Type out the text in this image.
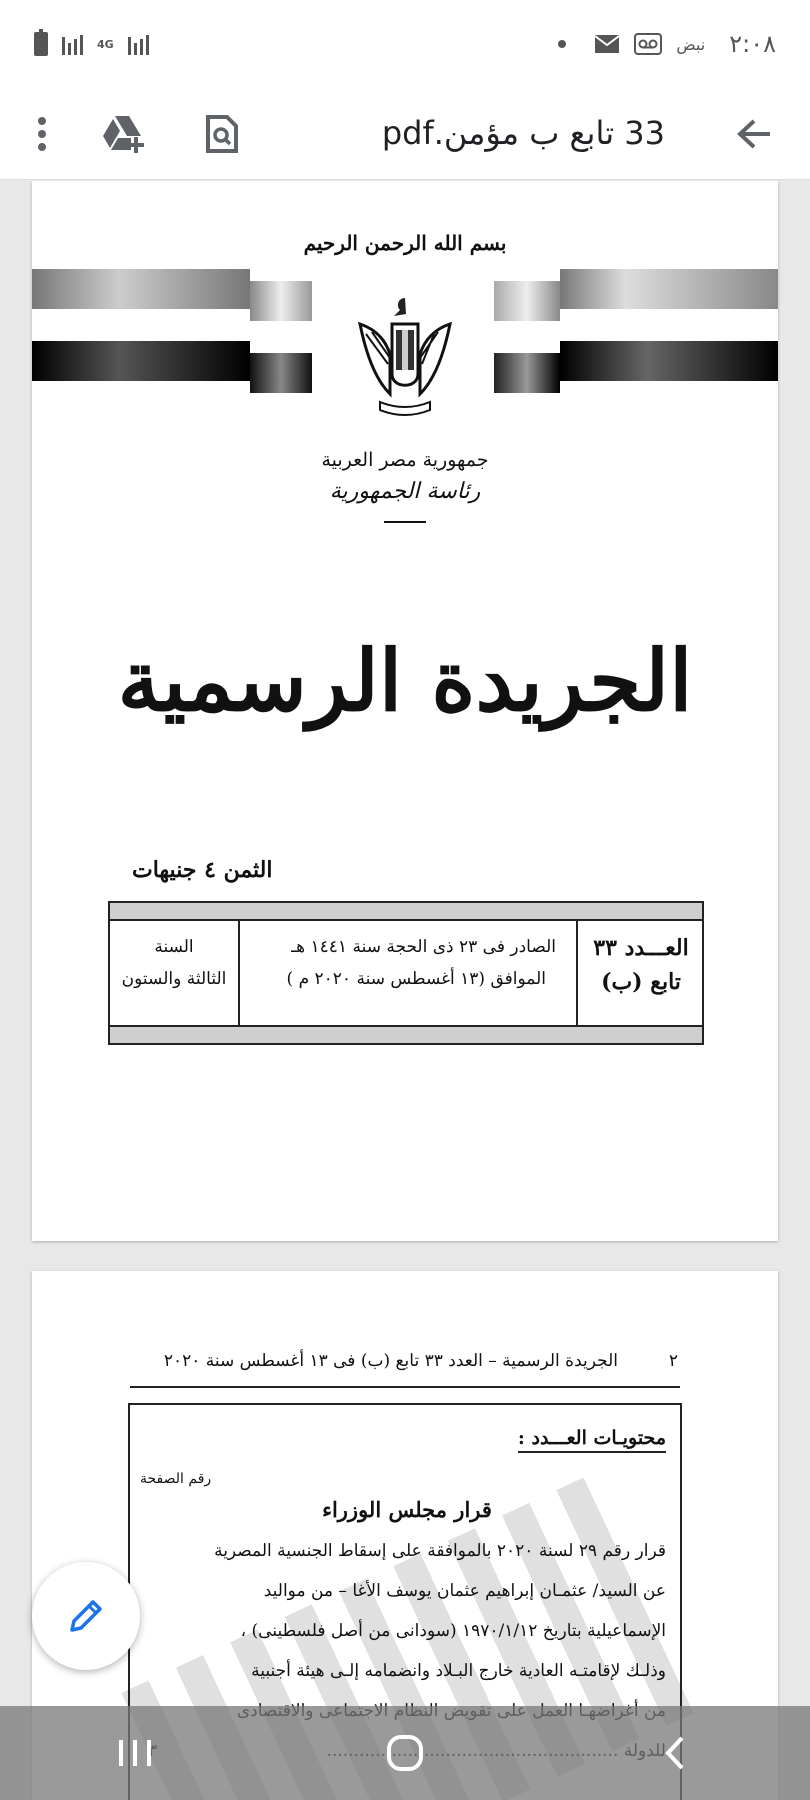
4G	نبض ٢:٠٨
33 تابع ب مؤمن.pdf
بسم الله الرحمن الرحيم
جمهورية مصر العربية
رئاسة الجمهورية
الجريدة الرسمية
الثمن ٤ جنيهات
العـــدد ٣٣
تابع (ب)
الصادر فى ٢٣ ذى الحجة سنة ١٤٤١ هـ
الموافق (١٣ أغسطس سنة ٢٠٢٠ م )
السنة
الثالثة والستون
٢
الجريدة الرسمية – العدد ٣٣ تابع (ب) فى ١٣ أغسطس سنة ٢٠٢٠
محتويـات العـــدد :
رقم الصفحة
قرار مجلس الوزراء
قرار رقم ٢٩ لسنة ٢٠٢٠ بالموافقة على إسقاط الجنسية المصرية
عن السيد/ عثمـان إبراهيم عثمان يوسف الأغا – من مواليد
الإسماعيلية بتاريخ ١٩٧٠/١/١٢ (سودانى من أصل فلسطينى) ،
وذلـك لإقامتـه العادية خارج البـلاد وانضمامه إلـى هيئة أجنبية
